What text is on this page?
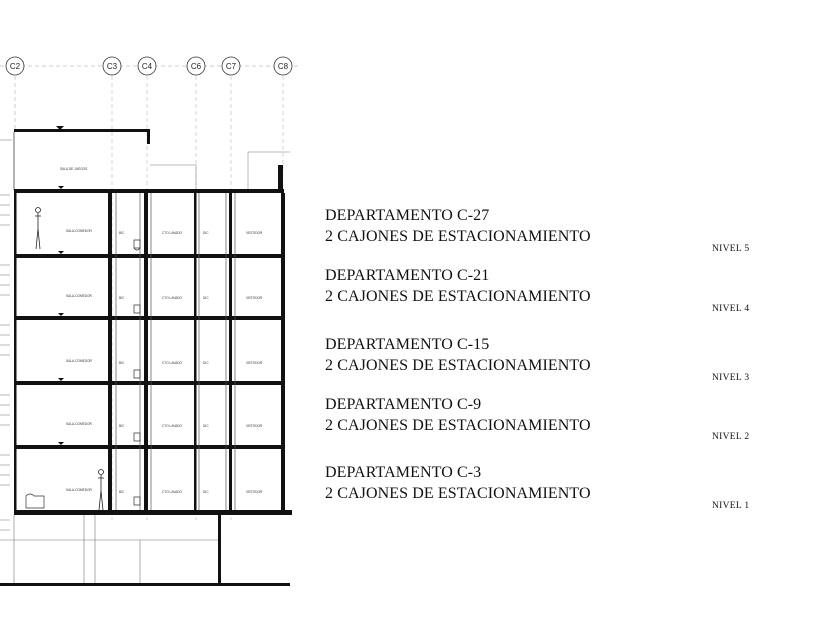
C2	C3	C4	C6	C7	C8
SALA DE JUEGOS
SALA-COMEDOR	BIC	CTO LAVADO	DIC	VESTIDOR
SALA-COMEDOR	BIC	CTO LAVADO	DIC	VESTIDOR
SALA-COMEDOR	BIC	CTO LAVADO	DIC	VESTIDOR
SALA-COMEDOR	BIC	CTO LAVADO	DIC	VESTIDOR
SALA-COMEDOR	BIC	CTO LAVADO	DIC	VESTIDOR
DEPARTAMENTO C-27
2 CAJONES DE ESTACIONAMIENTO
NIVEL 5
DEPARTAMENTO C-21
2 CAJONES DE ESTACIONAMIENTO
NIVEL 4
DEPARTAMENTO C-15
2 CAJONES DE ESTACIONAMIENTO
NIVEL 3
DEPARTAMENTO C-9
2 CAJONES DE ESTACIONAMIENTO
NIVEL 2
DEPARTAMENTO C-3
2 CAJONES DE ESTACIONAMIENTO
NIVEL 1
